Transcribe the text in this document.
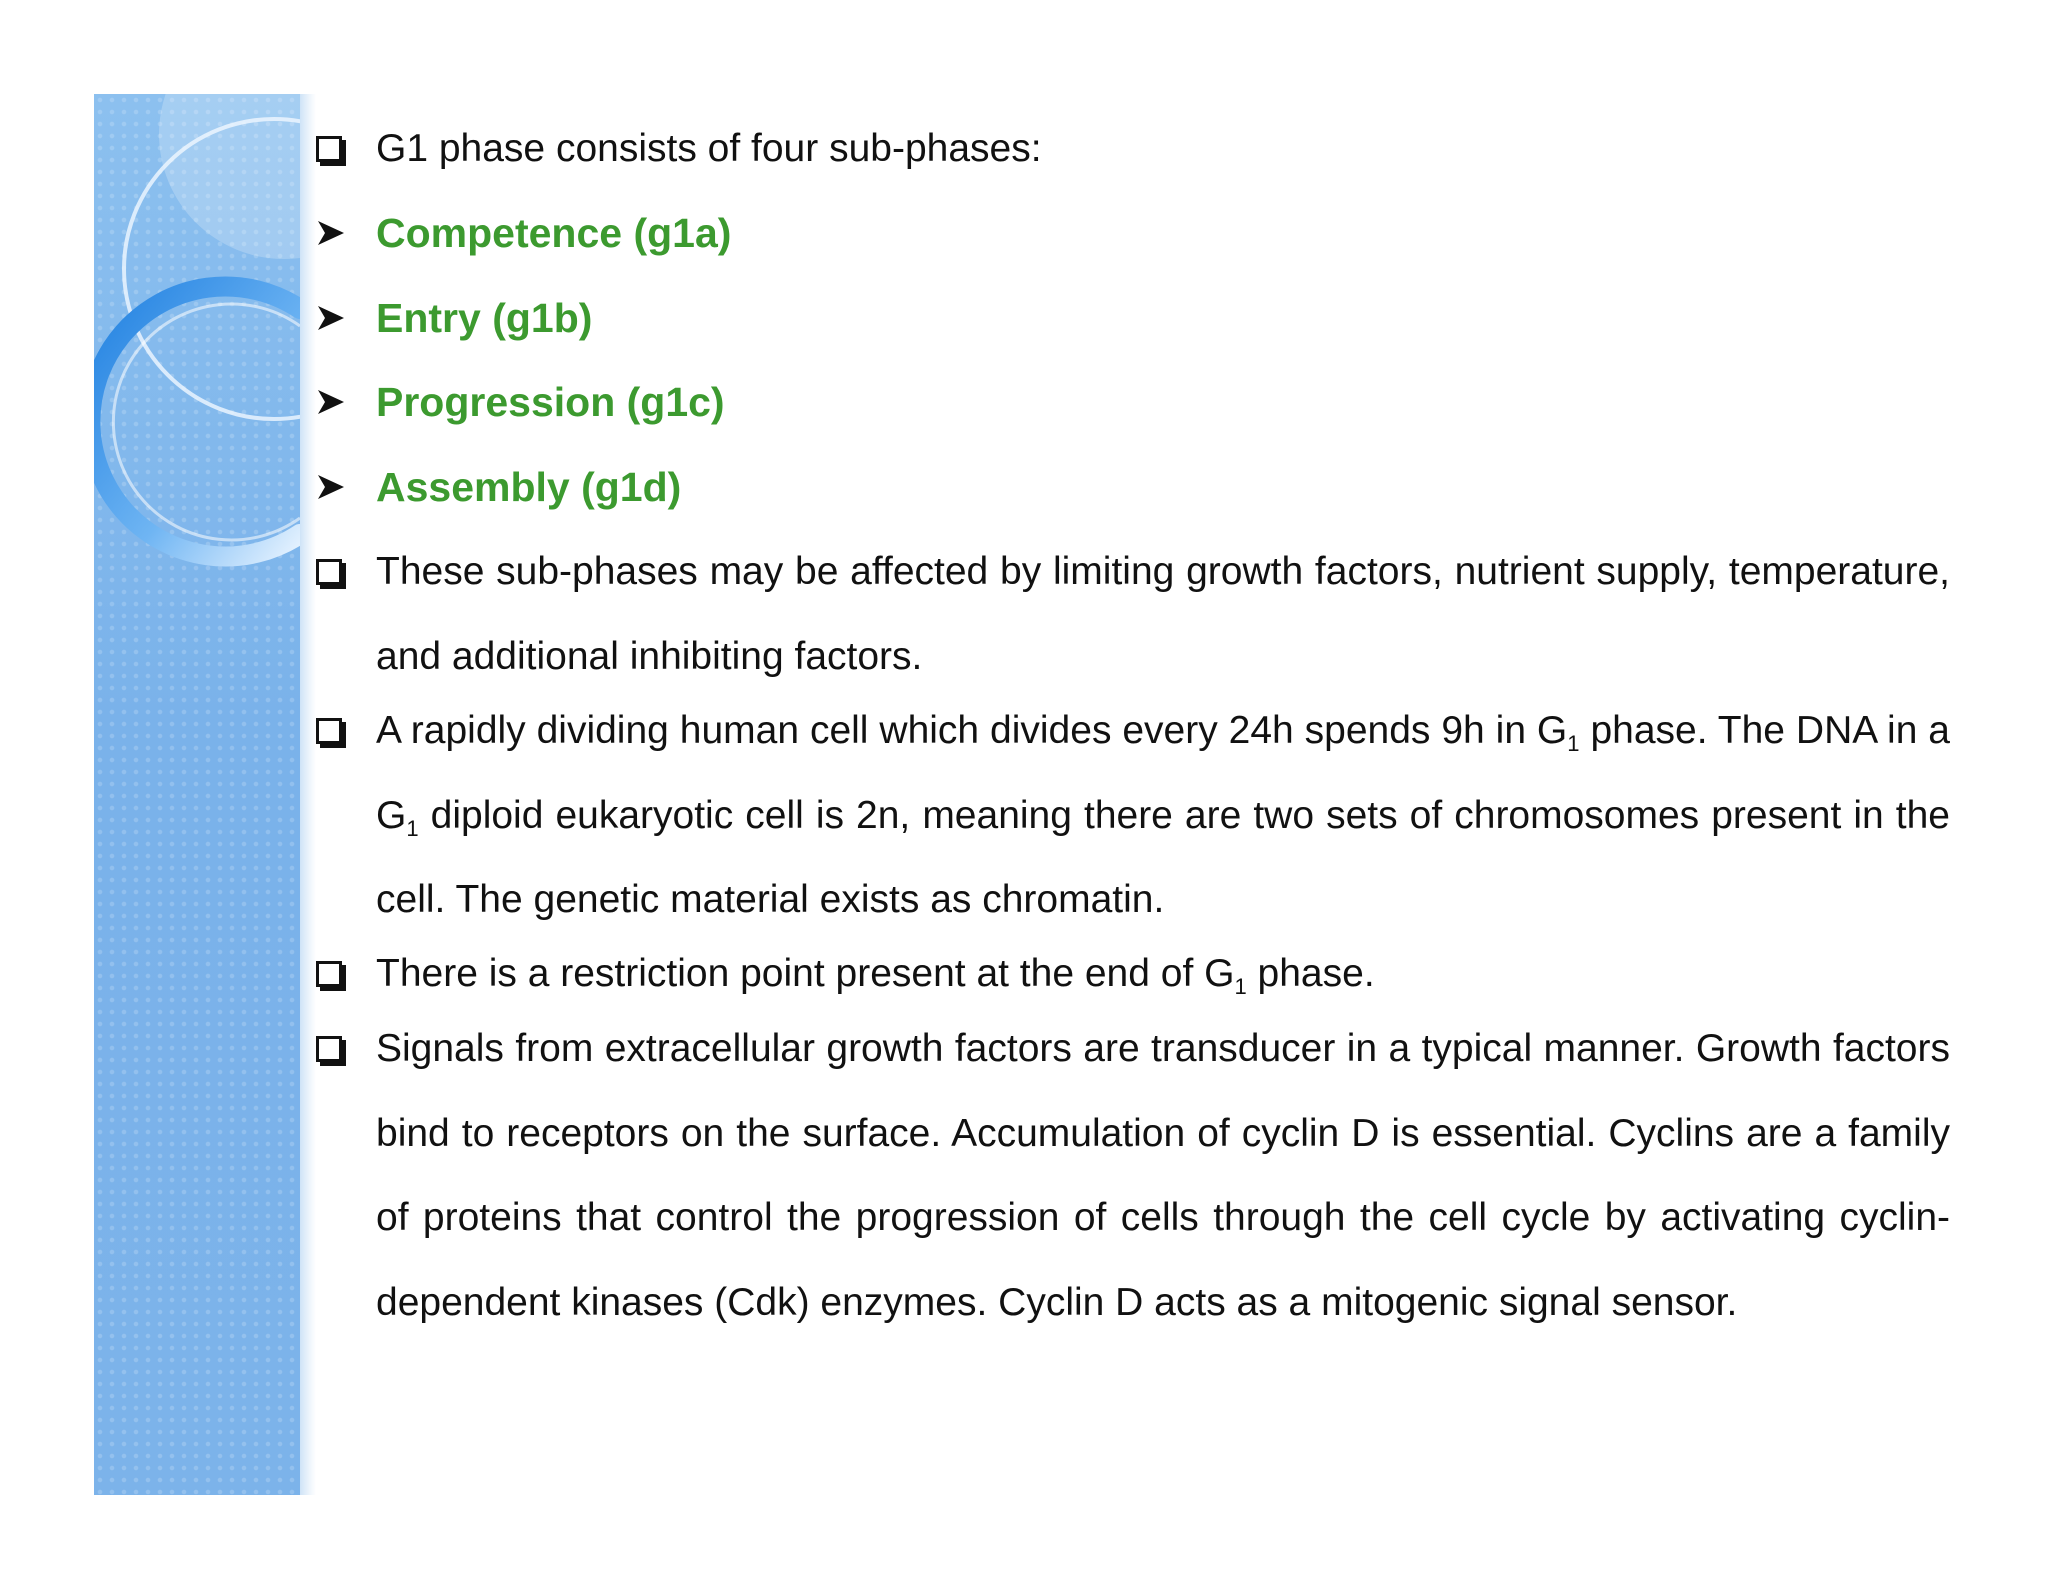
G1 phase consists of four sub-phases:
Competence (g1a)
Entry (g1b)
Progression (g1c)
Assembly (g1d)
These sub-phases may be affected by limiting growth factors, nutrient supply, temperature, and additional inhibiting factors.
A rapidly dividing human cell which divides every 24h spends 9h in $G_1$ phase. The DNA in a $G_1$ diploid eukaryotic cell is 2n, meaning there are two sets of chromosomes present in the cell. The genetic material exists as chromatin.
There is a restriction point present at the end of $G_1$ phase.
Signals from extracellular growth factors are transducer in a typical manner. Growth factors bind to receptors on the surface. Accumulation of cyclin D is essential. Cyclins are a family of proteins that control the progression of cells through the cell cycle by activating cyclin-dependent kinases (Cdk) enzymes. Cyclin D acts as a mitogenic signal sensor.
